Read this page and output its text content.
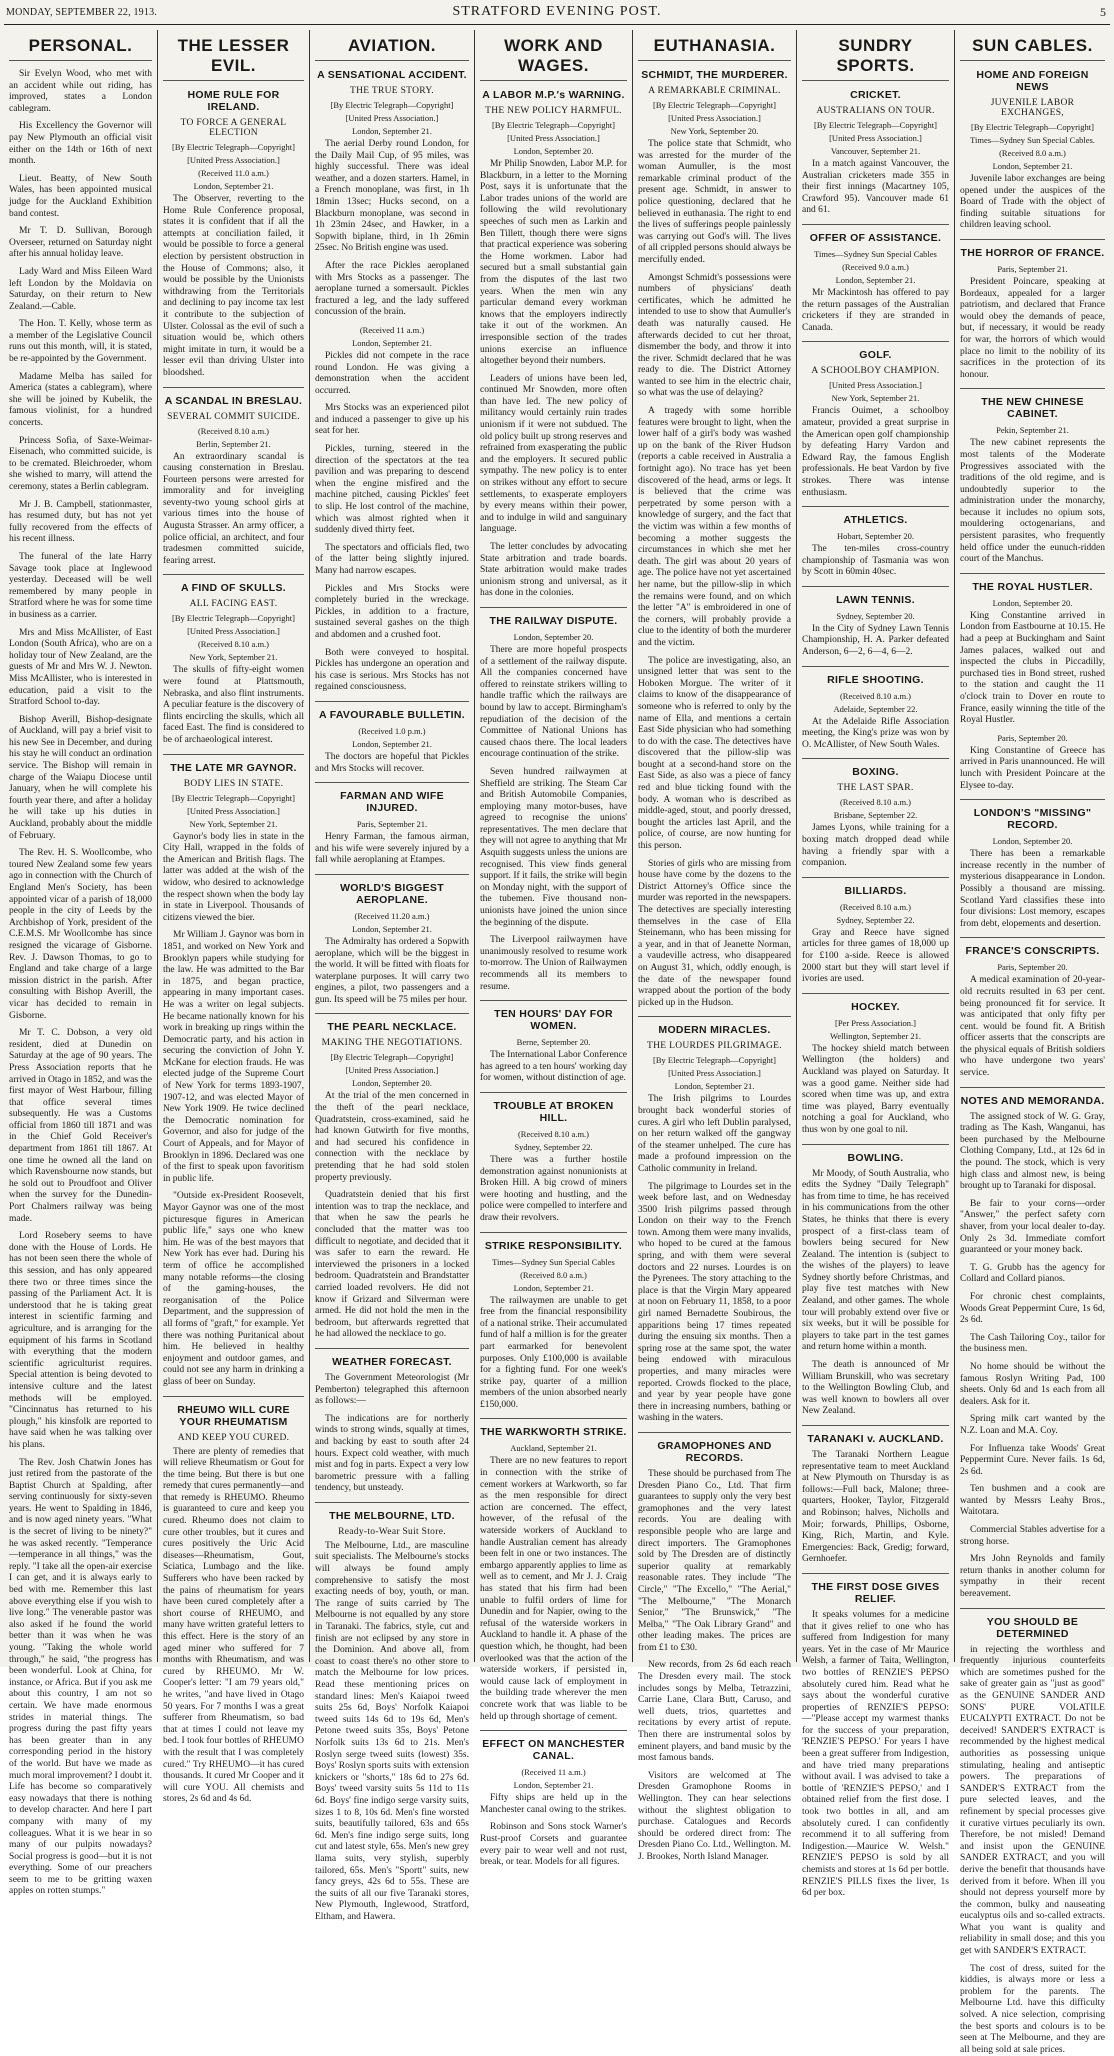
MONDAY, SEPTEMBER 22, 1913.	STRATFORD EVENING POST.	5
PERSONAL.

Sir Evelyn Wood, who met with an accident while out riding, has improved, states a London cablegram.

His Excellency the Governor will pay New Plymouth an official visit either on the 14th or 16th of next month.

Lieut. Beatty, of New South Wales, has been appointed musical judge for the Auckland Exhibition band contest.

Mr T. D. Sullivan, Borough Overseer, returned on Saturday night after his annual holiday leave.

Lady Ward and Miss Eileen Ward left London by the Moldavia on Saturday, on their return to New Zealand.—Cable.

The Hon. T. Kelly, whose term as a member of the Legislative Council runs out this month, will, it is stated, be re-appointed by the Government.

Madame Melba has sailed for America (states a cablegram), where she will be joined by Kubelik, the famous violinist, for a hundred concerts.

Princess Sofia, of Saxe-Weimar-Eisenach, who committed suicide, is to be cremated. Bleichroeder, whom she wished to marry, will attend the ceremony, states a Berlin cablegram.

Mr J. B. Campbell, stationmaster, has resumed duty, but has not yet fully recovered from the effects of his recent illness.

The funeral of the late Harry Savage took place at Inglewood yesterday. Deceased will be well remembered by many people in Stratford where he was for some time in business as a carrier.

Mrs and Miss McAllister, of East London (South Africa), who are on a holiday tour of New Zealand, are the guests of Mr and Mrs W. J. Newton. Miss McAllister, who is interested in education, paid a visit to the Stratford School to-day.

Bishop Averill, Bishop-designate of Auckland, will pay a brief visit to his new See in December, and during his stay he will conduct an ordination service. The Bishop will remain in charge of the Waiapu Diocese until January, when he will complete his fourth year there, and after a holiday he will take up his duties in Auckland, probably about the middle of February.

The Rev. H. S. Woollcombe, who toured New Zealand some few years ago in connection with the Church of England Men's Society, has been appointed vicar of a parish of 18,000 people in the city of Leeds by the Archbishop of York, president of the C.E.M.S. Mr Woollcombe has since resigned the vicarage of Gisborne. Rev. J. Dawson Thomas, to go to England and take charge of a large mission district in the parish. After consulting with Bishop Averill, the vicar has decided to remain in Gisborne.

Mr T. C. Dobson, a very old resident, died at Dunedin on Saturday at the age of 90 years. The Press Association reports that he arrived in Otago in 1852, and was the first mayor of West Harbour, filling that office several times subsequently. He was a Customs official from 1860 till 1871 and was in the Chief Gold Receiver's department from 1861 till 1867. At one time he owned all the land on which Ravensbourne now stands, but he sold out to Proudfoot and Oliver when the survey for the Dunedin-Port Chalmers railway was being made.

Lord Rosebery seems to have done with the House of Lords. He has not been seen there the whole of this session, and has only appeared there two or three times since the passing of the Parliament Act. It is understood that he is taking great interest in scientific farming and agriculture, and is arranging for the equipment of his farms in Scotland with everything that the modern scientific agriculturist requires. Special attention is being devoted to intensive culture and the latest methods will be employed. "Cincinnatus has returned to his plough," his kinsfolk are reported to have said when he was talking over his plans.

The Rev. Josh Chatwin Jones has just retired from the pastorate of the Baptist Church at Spalding, after serving continuously for sixty-seven years. He went to Spalding in 1846, and is now aged ninety years. "What is the secret of living to be ninety?" he was asked recently. "Temperance—temperance in all things," was the reply. "I take all the open-air exercise I can get, and it is always early to bed with me. Remember this last above everything else if you wish to live long." The venerable pastor was also asked if he found the world better than it was when he was young. "Taking the whole world through," he said, "the progress has been wonderful. Look at China, for instance, or Africa. But if you ask me about this country, I am not so certain. We have made enormous strides in material things. The progress during the past fifty years has been greater than in any corresponding period in the history of the world. But have we made as much moral improvement? I doubt it. Life has become so comparatively easy nowadays that there is nothing to develop character. And here I part company with many of my colleagues. What it is we hear in so many of our pulpits nowadays? Social progress is good—but it is not everything. Some of our preachers seem to me to be gritting waxen apples on rotten stumps."

THE LESSER EVIL.
HOME RULE FOR IRELAND.
TO FORCE A GENERAL ELECTION
[By Electric Telegraph—Copyright]
[United Press Association.]
(Received 11.0 a.m.)
London, September 21.

The Observer, reverting to the Home Rule Conference proposal, states it is confident that if all the attempts at conciliation failed, it would be possible to force a general election by persistent obstruction in the House of Commons; also, it would be possible by the Unionists withdrawing from the Territorials and declining to pay income tax lest it contribute to the subjection of Ulster. Colossal as the evil of such a situation would be, which others might imitate in turn, it would be a lesser evil than driving Ulster into bloodshed.

A SCANDAL IN BRESLAU.
SEVERAL COMMIT SUICIDE.
(Received 8.10 a.m.)
Berlin, September 21.

An extraordinary scandal is causing consternation in Breslau. Fourteen persons were arrested for immorality and for inveigling seventy-two young school girls at various times into the house of Augusta Strasser. An army officer, a police official, an architect, and four tradesmen committed suicide, fearing arrest.

A FIND OF SKULLS.
ALL FACING EAST.
[By Electric Telegraph—Copyright]
[United Press Association.]
(Received 8.10 a.m.)
New York, September 21.

The skulls of fifty-eight women were found at Plattsmouth, Nebraska, and also flint instruments. A peculiar feature is the discovery of flints encircling the skulls, which all faced East. The find is considered to be of archaeological interest.

THE LATE MR GAYNOR.
BODY LIES IN STATE.
[By Electric Telegraph—Copyright]
[United Press Association.]
New York, September 21.

Gaynor's body lies in state in the City Hall, wrapped in the folds of the American and British flags. The latter was added at the wish of the widow, who desired to acknowledge the respect shown when the body lay in state in Liverpool. Thousands of citizens viewed the bier.

Mr William J. Gaynor was born in 1851, and worked on New York and Brooklyn papers while studying for the law. He was admitted to the Bar in 1875, and began practice, appearing in many important cases. He was a writer on legal subjects. He became nationally known for his work in breaking up rings within the Democratic party, and his action in securing the conviction of John Y. McKane for election frauds. He was elected judge of the Supreme Court of New York for terms 1893-1907, 1907-12, and was elected Mayor of New York 1909. He twice declined the Democratic nomination for Governor, and also for judge of the Court of Appeals, and for Mayor of Brooklyn in 1896. Declared was one of the first to speak upon favoritism in public life.

"Outside ex-President Roosevelt, Mayor Gaynor was one of the most picturesque figures in American public life," says one who knew him. He was of the best mayors that New York has ever had. During his term of office he accomplished many notable reforms—the closing of the gaming-houses, the reorganisation of the Police Department, and the suppression of all forms of "graft," for example. Yet there was nothing Puritanical about him. He believed in healthy enjoyment and outdoor games, and could not see any harm in drinking a glass of beer on Sunday.

RHEUMO WILL CURE YOUR RHEUMATISM
AND KEEP YOU CURED.

There are plenty of remedies that will relieve Rheumatism or Gout for the time being. But there is but one remedy that cures permanently—and that remedy is RHEUMO. Rheumo is guaranteed to cure and keep you cured. Rheumo does not claim to cure other troubles, but it cures and cures positively the Uric Acid diseases—Rheumatism, Gout, Sciatica, Lumbago and the like. Sufferers who have been racked by the pains of rheumatism for years have been cured completely after a short course of RHEUMO, and many have written grateful letters to this effect. Here is the story of an aged miner who suffered for 7 months with Rheumatism, and was cured by RHEUMO. Mr W. Cooper's letter: "I am 79 years old," he writes, "and have lived in Otago 50 years. For 7 months I was a great sufferer from Rheumatism, so bad that at times I could not leave my bed. I took four bottles of RHEUMO with the result that I was completely cured." Try RHEUMO—it has cured thousands. It cured Mr Cooper and it will cure YOU. All chemists and stores, 2s 6d and 4s 6d.

AVIATION.
A SENSATIONAL ACCIDENT.
THE TRUE STORY.
[By Electric Telegraph—Copyright]
[United Press Association.]
London, September 21.

The aerial Derby round London, for the Daily Mail Cup, of 95 miles, was highly successful. There was ideal weather, and a dozen starters. Hamel, in a French monoplane, was first, in 1h 18min 13sec; Hucks second, on a Blackburn monoplane, was second in 1h 23min 24sec, and Hawker, in a Sopwith biplane, third, in 1h 26min 25sec. No British engine was used.

After the race Pickles aeroplaned with Mrs Stocks as a passenger. The aeroplane turned a somersault. Pickles fractured a leg, and the lady suffered concussion of the brain.

(Received 11 a.m.)
London, September 21.

Pickles did not compete in the race round London. He was giving a demonstration when the accident occurred.

Mrs Stocks was an experienced pilot and induced a passenger to give up his seat for her.

Pickles, turning, steered in the direction of the spectators at the tea pavilion and was preparing to descend when the engine misfired and the machine pitched, causing Pickles' feet to slip. He lost control of the machine, which was almost righted when it suddenly dived thirty feet.

The spectators and officials fled, two of the latter being slightly injured. Many had narrow escapes.

Pickles and Mrs Stocks were completely buried in the wreckage. Pickles, in addition to a fracture, sustained several gashes on the thigh and abdomen and a crushed foot.

Both were conveyed to hospital. Pickles has undergone an operation and his case is serious. Mrs Stocks has not regained consciousness.

A FAVOURABLE BULLETIN.
(Received 1.0 p.m.)
London, September 21.

The doctors are hopeful that Pickles and Mrs Stocks will recover.

FARMAN AND WIFE INJURED.
Paris, September 21.

Henry Farman, the famous airman, and his wife were severely injured by a fall while aeroplaning at Etampes.

WORLD'S BIGGEST AEROPLANE.
(Received 11.20 a.m.)
London, September 21.

The Admiralty has ordered a Sopwith aeroplane, which will be the biggest in the world. It will be fitted with floats for waterplane purposes. It will carry two engines, a pilot, two passengers and a gun. Its speed will be 75 miles per hour.

THE PEARL NECKLACE.
MAKING THE NEGOTIATIONS.
[By Electric Telegraph—Copyright]
[United Press Association.]
London, September 20.

At the trial of the men concerned in the theft of the pearl necklace, Quadratstein, cross-examined, said he had known Gutwirth for five months, and had secured his confidence in connection with the necklace by pretending that he had sold stolen property previously.

Quadratstein denied that his first intention was to trap the necklace, and that when he saw the pearls he concluded that the matter was too difficult to negotiate, and decided that it was safer to earn the reward. He interviewed the prisoners in a locked bedroom. Quadratstein and Brandstatter carried loaded revolvers. He did not know if Grizard and Silverman were armed. He did not hold the men in the bedroom, but afterwards regretted that he had allowed the necklace to go.

WEATHER FORECAST.

The Government Meteorologist (Mr Pemberton) telegraphed this afternoon as follows:—

The indications are for northerly winds to strong winds, squally at times, and backing by east to south after 24 hours. Expect cold weather, with much mist and fog in parts. Expect a very low barometric pressure with a falling tendency, but unsteady.

THE MELBOURNE, LTD.
Ready-to-Wear Suit Store.

The Melbourne, Ltd., are masculine suit specialists. The Melbourne's stocks will always be found amply comprehensive to satisfy the most exacting needs of boy, youth, or man. The range of suits carried by The Melbourne is not equalled by any store in Taranaki. The fabrics, style, cut and finish are not eclipsed by any store in the Dominion. And above all, from coast to coast there's no other store to match the Melbourne for low prices. Read these mentioning prices on standard lines: Men's Kaiapoi tweed suits 25s 6d, Boys' Norfolk Kaiapoi tweed suits 14s 6d to 19s 6d, Men's Petone tweed suits 35s, Boys' Petone Norfolk suits 13s 6d to 21s. Men's Roslyn serge tweed suits (lowest) 35s. Boys' Roslyn sports suits with extension knickers or "shorts," 18s 6d to 27s 6d. Boys' tweed varsity suits 5s 11d to 11s 6d. Boys' fine indigo serge varsity suits, sizes 1 to 8, 10s 6d. Men's fine worsted suits, beautifully tailored, 63s and 65s 6d. Men's fine indigo serge suits, long cut and latest style, 65s. Men's new grey llama suits, very stylish, superbly tailored, 65s. Men's "Sportt" suits, new fancy greys, 42s 6d to 55s. These are the suits of all our five Taranaki stores, New Plymouth, Inglewood, Stratford, Eltham, and Hawera.

WORK AND WAGES.
A LABOR M.P.'s WARNING.
THE NEW POLICY HARMFUL.
[By Electric Telegraph—Copyright]
[United Press Association.]
London, September 20.

Mr Philip Snowden, Labor M.P. for Blackburn, in a letter to the Morning Post, says it is unfortunate that the Labor trades unions of the world are following the wild revolutionary speeches of such men as Larkin and Ben Tillett, though there were signs that practical experience was sobering the Home workmen. Labor had secured but a small substantial gain from the disputes of the last two years. When the men win any particular demand every workman knows that the employers indirectly take it out of the workmen. An irresponsible section of the trades unions exercise an influence altogether beyond their numbers.

Leaders of unions have been led, continued Mr Snowden, more often than have led. The new policy of militancy would certainly ruin trades unionism if it were not subdued. The old policy built up strong reserves and refrained from exasperating the public and the employers. It secured public sympathy. The new policy is to enter on strikes without any effort to secure settlements, to exasperate employers by every means within their power, and to indulge in wild and sanguinary language.

The letter concludes by advocating State arbitration and trade boards. State arbitration would make trades unionism strong and universal, as it has done in the colonies.

THE RAILWAY DISPUTE.
London, September 20.

There are more hopeful prospects of a settlement of the railway dispute. All the companies concerned have offered to reinstate strikers willing to handle traffic which the railways are bound by law to accept. Birmingham's repudiation of the decision of the Committee of National Unions has caused chaos there. The local leaders encourage continuation of the strike.

Seven hundred railwaymen at Sheffield are striking. The Steam Car and British Automobile Companies, employing many motor-buses, have agreed to recognise the unions' representatives. The men declare that they will not agree to anything that Mr Asquith suggests unless the unions are recognised. This view finds general support. If it fails, the strike will begin on Monday night, with the support of the tubemen. Five thousand non-unionists have joined the union since the beginning of the dispute.

The Liverpool railwaymen have unanimously resolved to resume work to-morrow. The Union of Railwaymen recommends all its members to resume.

TEN HOURS' DAY FOR WOMEN.
Berne, September 20.

The International Labor Conference has agreed to a ten hours' working day for women, without distinction of age.

TROUBLE AT BROKEN HILL.
(Received 8.10 a.m.)
Sydney, September 22.

There was a further hostile demonstration against nonunionists at Broken Hill. A big crowd of miners were hooting and hustling, and the police were compelled to interfere and draw their revolvers.

STRIKE RESPONSIBILITY.
Times—Sydney Sun Special Cables
(Received 8.0 a.m.)
London, September 21.

The railwaymen are unable to get free from the financial responsibility of a national strike. Their accumulated fund of half a million is for the greater part earmarked for benevolent purposes. Only £100,000 is available for a fighting fund. For one week's strike pay, quarter of a million members of the union absorbed nearly £150,000.

THE WARKWORTH STRIKE.
Auckland, September 21.

There are no new features to report in connection with the strike of cement workers at Warkworth, so far as the men responsible for direct action are concerned. The effect, however, of the refusal of the waterside workers of Auckland to handle Australian cement has already been felt in one or two instances. The embargo apparently applies to lime as well as to cement, and Mr J. J. Craig has stated that his firm had been unable to fulfil orders of lime for Dunedin and for Napier, owing to the refusal of the waterside workers in Auckland to handle it. A phase of the question which, he thought, had been overlooked was that the action of the waterside workers, if persisted in, would cause lack of employment in the building trade wherever the men concrete work that was liable to be held up through shortage of cement.

EFFECT ON MANCHESTER CANAL.
(Received 11 a.m.)
London, September 21.

Fifty ships are held up in the Manchester canal owing to the strikes.

Robinson and Sons stock Warner's Rust-proof Corsets and guarantee every pair to wear well and not rust, break, or tear. Models for all figures.

EUTHANASIA.
SCHMIDT, THE MURDERER.
A REMARKABLE CRIMINAL.
[By Electric Telegraph—Copyright]
[United Press Association.]
New York, September 20.

The police state that Schmidt, who was arrested for the murder of the woman Aumuller, is the most remarkable criminal product of the present age. Schmidt, in answer to police questioning, declared that he believed in euthanasia. The right to end the lives of sufferings people painlessly was carrying out God's will. The lives of all crippled persons should always be mercifully ended.

Amongst Schmidt's possessions were numbers of physicians' death certificates, which he admitted he intended to use to show that Aumuller's death was naturally caused. He afterwards decided to cut her throat, dismember the body, and throw it into the river. Schmidt declared that he was ready to die. The District Attorney wanted to see him in the electric chair, so what was the use of delaying?

A tragedy with some horrible features were brought to light, when the lower half of a girl's body was washed up on the bank of the River Hudson (reports a cable received in Australia a fortnight ago). No trace has yet been discovered of the head, arms or legs. It is believed that the crime was perpetrated by some person with a knowledge of surgery, and the fact that the victim was within a few months of becoming a mother suggests the circumstances in which she met her death. The girl was about 20 years of age. The police have not yet ascertained her name, but the pillow-slip in which the remains were found, and on which the letter "A" is embroidered in one of the corners, will probably provide a clue to the identity of both the murderer and the victim.

The police are investigating, also, an unsigned letter that was sent to the Hoboken Morgue. The writer of it claims to know of the disappearance of someone who is referred to only by the name of Ella, and mentions a certain East Side physician who had something to do with the case. The detectives have discovered that the pillow-slip was bought at a second-hand store on the East Side, as also was a piece of fancy red and blue ticking found with the body. A woman who is described as middle-aged, stout, and poorly dressed, bought the articles last April, and the police, of course, are now hunting for this person.

Stories of girls who are missing from house have come by the dozens to the District Attorney's Office since the murder was reported in the newspapers. The detectives are specially interesting themselves in the case of Ella Steinemann, who has been missing for a year, and in that of Jeanette Norman, a vaudeville actress, who disappeared on August 31, which, oddly enough, is the date of the newspaper found wrapped about the portion of the body picked up in the Hudson.

MODERN MIRACLES.
THE LOURDES PILGRIMAGE.
[By Electric Telegraph—Copyright]
[United Press Association.]
London, September 21.

The Irish pilgrims to Lourdes brought back wonderful stories of cures. A girl who left Dublin paralysed, on her return walked off the gangway of the steamer unhelped. The cure has made a profound impression on the Catholic community in Ireland.

The pilgrimage to Lourdes set in the week before last, and on Wednesday 3500 Irish pilgrims passed through London on their way to the French town. Among them were many invalids, who hoped to be cured at the famous spring, and with them were several doctors and 22 nurses. Lourdes is on the Pyrenees. The story attaching to the place is that the Virgin Mary appeared at noon on February 11, 1858, to a poor girl named Bernadette Soubirous, the apparitions being 17 times repeated during the ensuing six months. Then a spring rose at the same spot, the water being endowed with miraculous properties, and many miracles were reported. Crowds flocked to the place, and year by year people have gone there in increasing numbers, bathing or washing in the waters.

GRAMOPHONES AND RECORDS.

These should be purchased from The Dresden Piano Co., Ltd. That firm guarantees to supply only the very best gramophones and the very latest records. You are dealing with responsible people who are large and direct importers. The Gramophones sold by The Dresden are of distinctly superior quality at remarkably reasonable rates. They include "The Circle," "The Excello," "The Aerial," "The Melbourne," "The Monarch Senior," "The Brunswick," "The Melba," "The Oak Library Grand" and other leading makes. The prices are from £1 to £30.

New records, from 2s 6d each reach The Dresden every mail. The stock includes songs by Melba, Tetrazzini, Carrie Lane, Clara Butt, Caruso, and well duets, trios, quartettes and recitations by every artist of repute. Then there are instrumental solos by eminent players, and band music by the most famous bands.

Visitors are welcomed at The Dresden Gramophone Rooms in Wellington. They can hear selections without the slightest obligation to purchase. Catalogues and Records should be ordered direct from: The Dresden Piano Co. Ltd., Wellington. M. J. Brookes, North Island Manager.

SUNDRY SPORTS.
CRICKET.
AUSTRALIANS ON TOUR.
[By Electric Telegraph—Copyright]
[United Press Association.]
Vancouver, September 21.

In a match against Vancouver, the Australian cricketers made 355 in their first innings (Macartney 105, Crawford 95). Vancouver made 61 and 61.

OFFER OF ASSISTANCE.
Times—Sydney Sun Special Cables
(Received 9.0 a.m.)
London, September 21.

Mr Mackintosh has offered to pay the return passages of the Australian cricketers if they are stranded in Canada.

GOLF.
A SCHOOLBOY CHAMPION.
[United Press Association.]
New York, September 21.

Francis Ouimet, a schoolboy amateur, provided a great surprise in the American open golf championship by defeating Harry Vardon and Edward Ray, the famous English professionals. He beat Vardon by five strokes. There was intense enthusiasm.

ATHLETICS.
Hobart, September 20.

The ten-miles cross-country championship of Tasmania was won by Scott in 60min 40sec.

LAWN TENNIS.
Sydney, September 20.

In the City of Sydney Lawn Tennis Championship, H. A. Parker defeated Anderson, 6—2, 6—4, 6—2.

RIFLE SHOOTING.
(Received 8.10 a.m.)
Adelaide, September 22.

At the Adelaide Rifle Association meeting, the King's prize was won by O. McAllister, of New South Wales.

BOXING.
THE LAST SPAR.
(Received 8.10 a.m.)
Brisbane, September 22.

James Lyons, while training for a boxing match dropped dead while having a friendly spar with a companion.

BILLIARDS.
(Received 8.10 a.m.)
Sydney, September 22.

Gray and Reece have signed articles for three games of 18,000 up for £100 a-side. Reece is allowed 2000 start but they will start level if ivories are used.

HOCKEY.
[Per Press Association.]
Wellington, September 21.

The hockey shield match between Wellington (the holders) and Auckland was played on Saturday. It was a good game. Neither side had scored when time was up, and extra time was played, Barry eventually notching a goal for Auckland, who thus won by one goal to nil.

BOWLING.

Mr Moody, of South Australia, who edits the Sydney "Daily Telegraph" has from time to time, he has received in his communications from the other States, he thinks that there is every prospect of a first-class team of bowlers being secured for New Zealand. The intention is (subject to the wishes of the players) to leave Sydney shortly before Christmas, and play five test matches with New Zealand, and other games. The whole tour will probably extend over five or six weeks, but it will be possible for players to take part in the test games and return home within a month.

The death is announced of Mr William Brunskill, who was secretary to the Wellington Bowling Club, and was well known to bowlers all over New Zealand.

TARANAKI v. AUCKLAND.

The Taranaki Northern League representative team to meet Auckland at New Plymouth on Thursday is as follows:—Full back, Malone; three-quarters, Hooker, Taylor, Fitzgerald and Robinson; halves, Nicholls and Moir; forwards, Phillips, Osborne, King, Rich, Martin, and Kyle. Emergencies: Back, Gredig; forward, Gernhoefer.

THE FIRST DOSE GIVES RELIEF.

It speaks volumes for a medicine that it gives relief to one who has suffered from Indigestion for many years. Yet in the case of Mr Maurice Welsh, a farmer of Taita, Wellington, two bottles of RENZIE'S PEPSO absolutely cured him. Read what he says about the wonderful curative properties of RENZIE'S PEPSO:—"Please accept my warmest thanks for the success of your preparation, 'RENZIE'S PEPSO.' For years I have been a great sufferer from Indigestion, and have tried many preparations without avail. I was advised to take a bottle of 'RENZIE'S PEPSO,' and I obtained relief from the first dose. I took two bottles in all, and am absolutely cured. I can confidently recommend it to all suffering from Indigestion.—Maurice W. Welsh." RENZIE'S PEPSO is sold by all chemists and stores at 1s 6d per bottle. RENZIE'S PILLS fixes the liver, 1s 6d per box.

SUN CABLES.
HOME AND FOREIGN NEWS
JUVENILE LABOR EXCHANGES,
[By Electric Telegraph—Copyright]
Times—Sydney Sun Special Cables.
(Received 8.0 a.m.)
London, September 21.

Juvenile labor exchanges are being opened under the auspices of the Board of Trade with the object of finding suitable situations for children leaving school.

THE HORROR OF FRANCE.
Paris, September 21.

President Poincare, speaking at Bordeaux, appealed for a larger patriotism, and declared that France would obey the demands of peace, but, if necessary, it would be ready for war, the horrors of which would place no limit to the nobility of its sacrifices in the protection of its honour.

THE NEW CHINESE CABINET.
Pekin, September 21.

The new cabinet represents the most talents of the Moderate Progressives associated with the traditions of the old regime, and is undoubtedly superior to the administration under the monarchy, because it includes no opium sots, mouldering octogenarians, and persistent parasites, who frequently held office under the eunuch-ridden court of the Manchus.

THE ROYAL HUSTLER.
London, September 20.

King Constantine arrived in London from Eastbourne at 10.15. He had a peep at Buckingham and Saint James palaces, walked out and inspected the clubs in Piccadilly, purchased ties in Bond street, rushed to the station and caught the 11 o'clock train to Dover en route to France, easily winning the title of the Royal Hustler.

Paris, September 20.

King Constantine of Greece has arrived in Paris unannounced. He will lunch with President Poincare at the Elysee to-day.

LONDON'S "MISSING" RECORD.
London, September 20.

There has been a remarkable increase recently in the number of mysterious disappearance in London. Possibly a thousand are missing. Scotland Yard classifies these into four divisions: Lost memory, escapes from debt, elopements and desertion.

FRANCE'S CONSCRIPTS.
Paris, September 20.

A medical examination of 20-year-old recruits resulted in 63 per cent. being pronounced fit for service. It was anticipated that only fifty per cent. would be found fit. A British officer asserts that the conscripts are the physical equals of British soldiers who have undergone two years' service.

NOTES AND MEMORANDA.

The assigned stock of W. G. Gray, trading as The Kash, Wanganui, has been purchased by the Melbourne Clothing Company, Ltd., at 12s 6d in the pound. The stock, which is very high class and almost new, is being brought up to Taranaki for disposal.

Be fair to your corns—order "Answer," the perfect safety corn shaver, from your local dealer to-day. Only 2s 3d. Immediate comfort guaranteed or your money back.

T. G. Grubb has the agency for Collard and Collard pianos.

For chronic chest complaints, Woods Great Peppermint Cure, 1s 6d, 2s 6d.

The Cash Tailoring Coy., tailor for the business men.

No home should be without the famous Roslyn Writing Pad, 100 sheets. Only 6d and 1s each from all dealers. Ask for it.

Spring milk cart wanted by the N.Z. Loan and M.A. Coy.

For Influenza take Woods' Great Peppermint Cure. Never fails. 1s 6d, 2s 6d.

Ten bushmen and a cook are wanted by Messrs Leahy Bros., Waitotara.

Commercial Stables advertise for a strong horse.

Mrs John Reynolds and family return thanks in another column for sympathy in their recent bereavement.

YOU SHOULD BE DETERMINED

in rejecting the worthless and frequently injurious counterfeits which are sometimes pushed for the sake of greater gain as "just as good" as the GENUINE SANDER AND SONS' PURE VOLATILE EUCALYPTI EXTRACT. Do not be deceived! SANDER'S EXTRACT is recommended by the highest medical authorities as possessing unique stimulating, healing and antiseptic powers. The preparations of SANDER'S EXTRACT from the pure selected leaves, and the refinement by special processes give it curative virtues peculiarly its own. Therefore, be not misled! Demand and insist upon the GENUINE SANDER EXTRACT, and you will derive the benefit that thousands have derived from it before. When ill you should not depress yourself more by the common, bulky and nauseating eucalyptus oils and so-called extracts. What you want is quality and reliability in small dose; and this you get with SANDER'S EXTRACT.

The cost of dress, suited for the kiddies, is always more or less a problem for the parents. The Melbourne Ltd. have this difficulty solved. A nice selection, comprising the best sports and colours is to be seen at The Melbourne, and they are all being sold at sale prices.
